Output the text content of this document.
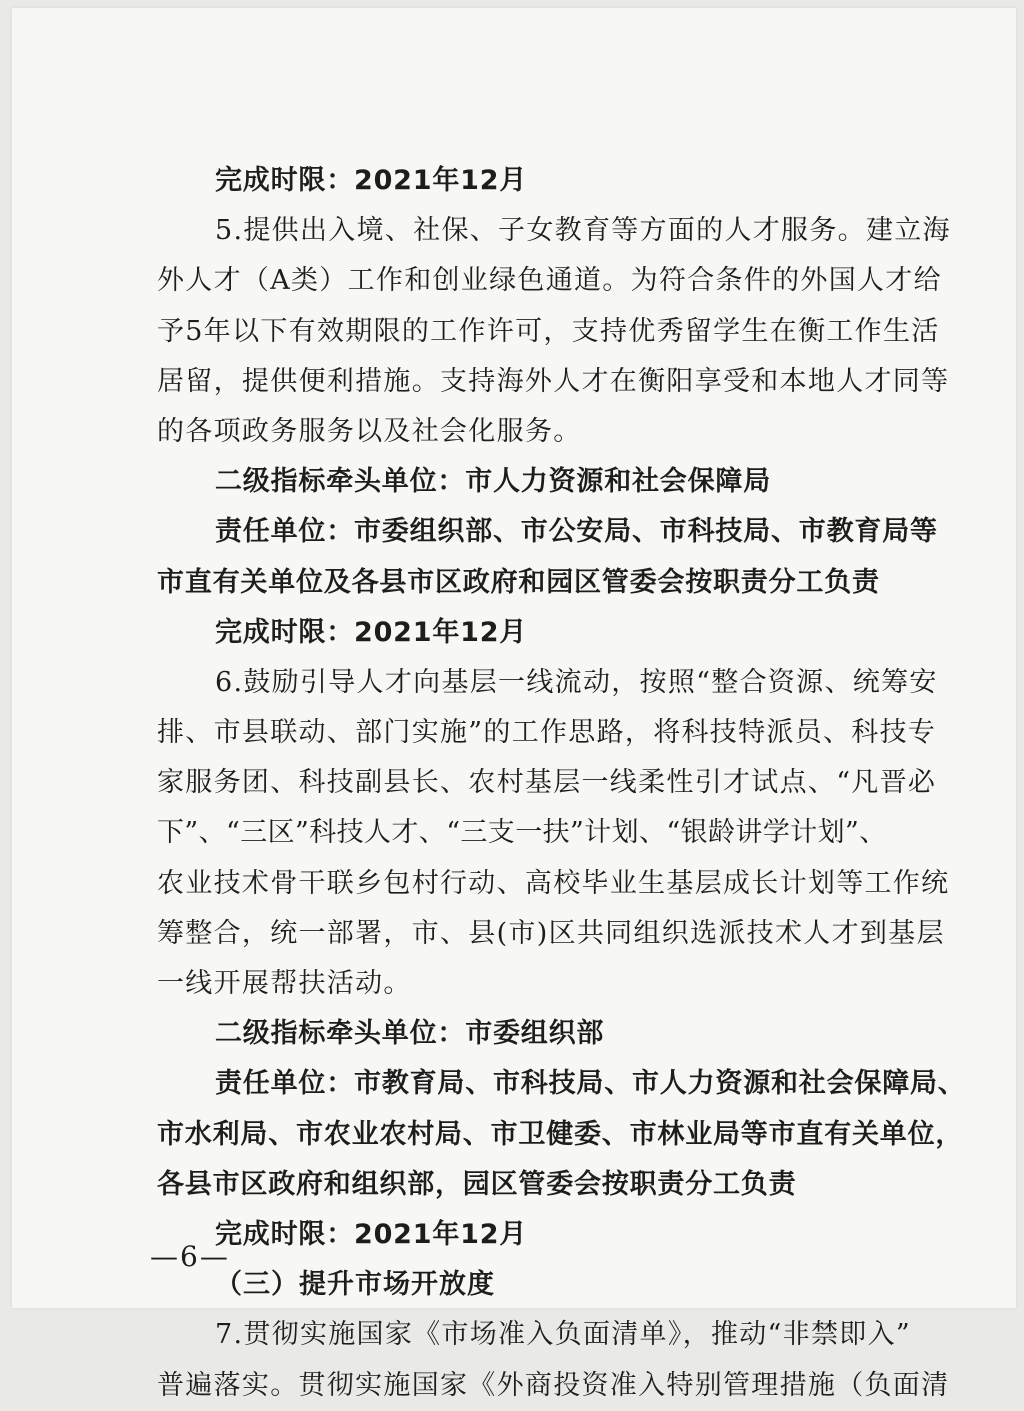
完成时限：2021年12月
5.提供出入境、社保、子女教育等方面的人才服务。建立海
外人才（A类）工作和创业绿色通道。为符合条件的外国人才给
予5年以下有效期限的工作许可，支持优秀留学生在衡工作生活
居留，提供便利措施。支持海外人才在衡阳享受和本地人才同等
的各项政务服务以及社会化服务。
二级指标牵头单位：市人力资源和社会保障局
责任单位：市委组织部、市公安局、市科技局、市教育局等
市直有关单位及各县市区政府和园区管委会按职责分工负责
完成时限：2021年12月
6.鼓励引导人才向基层一线流动，按照“整合资源、统筹安
排、市县联动、部门实施”的工作思路，将科技特派员、科技专
家服务团、科技副县长、农村基层一线柔性引才试点、“凡晋必
下”、“三区”科技人才、“三支一扶”计划、“银龄讲学计划”、
农业技术骨干联乡包村行动、高校毕业生基层成长计划等工作统
筹整合，统一部署，市、县(市)区共同组织选派技术人才到基层
一线开展帮扶活动。
二级指标牵头单位：市委组织部
责任单位：市教育局、市科技局、市人力资源和社会保障局、
市水利局、市农业农村局、市卫健委、市林业局等市直有关单位，
各县市区政府和组织部，园区管委会按职责分工负责
完成时限：2021年12月
（三）提升市场开放度
7.贯彻实施国家《市场准入负面清单》，推动“非禁即入”
普遍落实。贯彻实施国家《外商投资准入特别管理措施（负面清
—6—
